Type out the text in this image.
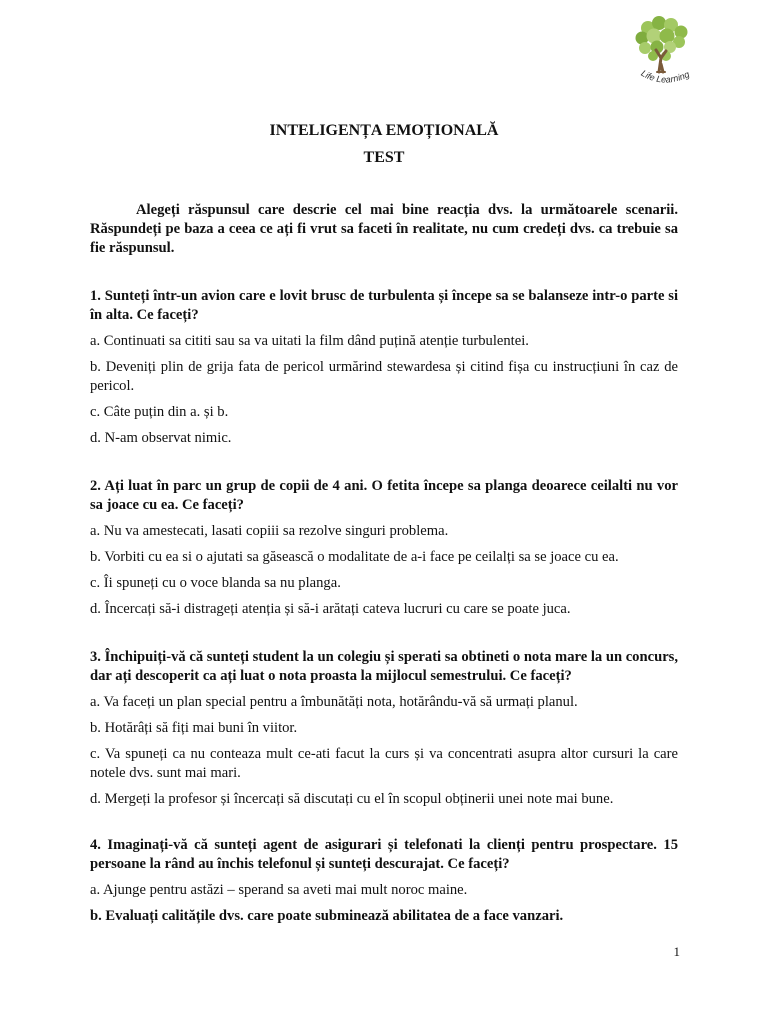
Life Learning
INTELIGENȚA EMOȚIONALĂ
TEST
Alegeți răspunsul care descrie cel mai bine reacția dvs. la următoarele scenarii. Răspundeți pe baza a ceea ce ați fi vrut sa faceti în realitate, nu cum credeți dvs. ca trebuie sa fie răspunsul.

1. Sunteți într-un avion care e lovit brusc de turbulenta și începe sa se balanseze intr-o parte si în alta. Ce faceți?

a. Continuati sa cititi sau sa va uitati la film dând puțină atenție turbulentei.

b. Deveniți plin de grija fata de pericol urmărind stewardesa și citind fișa cu instrucțiuni în caz de pericol.

c. Câte puțin din a. și b.

d. N-am observat nimic.

2. Ați luat în parc un grup de copii de 4 ani. O fetita începe sa planga deoarece ceilalti nu vor sa joace cu ea. Ce faceți?

a. Nu va amestecati, lasati copiii sa rezolve singuri problema.

b. Vorbiti cu ea si o ajutati sa găsească o modalitate de a-i face pe ceilalți sa se joace cu ea.

c. Îi spuneți cu o voce blanda sa nu planga.

d. Încercați să-i distrageți atenția și să-i arătați cateva lucruri cu care se poate juca.

3. Închipuiți-vă că sunteți student la un colegiu și sperati sa obtineti o nota mare la un concurs, dar ați descoperit ca ați luat o nota proasta la mijlocul semestrului. Ce faceți?

a. Va faceți un plan special pentru a îmbunătăți nota, hotărându-vă să urmați planul.

b. Hotărâți să fiți mai buni în viitor.

c. Va spuneți ca nu conteaza mult ce-ati facut la curs și va concentrati asupra altor cursuri la care notele dvs. sunt mai mari.

d. Mergeți la profesor și încercați să discutați cu el în scopul obținerii unei note mai bune.

4. Imaginați-vă că sunteți agent de asigurari și telefonati la clienți pentru prospectare. 15 persoane la rând au închis telefonul și sunteți descurajat. Ce faceți?

a. Ajunge pentru astăzi – sperand sa aveti mai mult noroc maine.

b. Evaluați calitățile dvs. care poate subminează abilitatea de a face vanzari.

1
